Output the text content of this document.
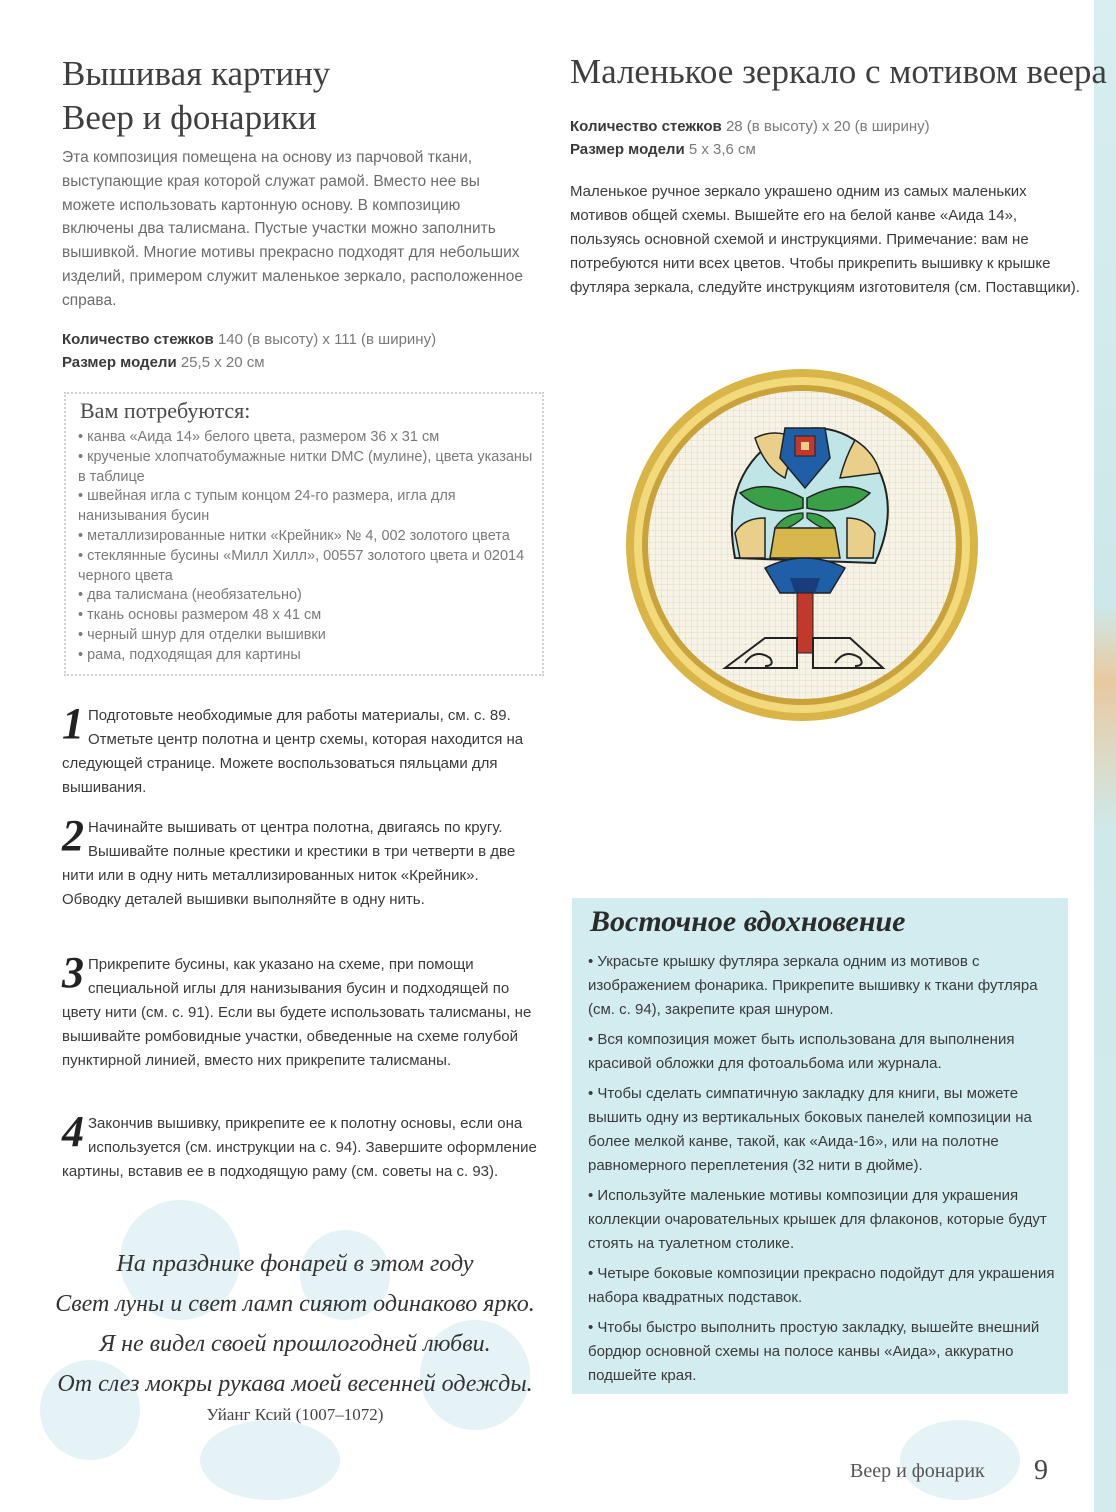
Вышивая картину
Веер и фонарики
Эта композиция помещена на основу из парчовой ткани, выступающие края которой служат рамой. Вместо нее вы можете использовать картонную основу. В композицию включены два талисмана. Пустые участки можно заполнить вышивкой. Многие мотивы прекрасно подходят для небольших изделий, примером служит маленькое зеркало, расположенное справа.
Количество стежков 140 (в высоту) x 111 (в ширину)
Размер модели 25,5 x 20 см
Вам потребуются:
• канва «Аида 14» белого цвета, размером 36 x 31 см
• крученые хлопчатобумажные нитки DMC (мулине), цвета указаны в таблице
• швейная игла с тупым концом 24-го размера, игла для нанизывания бусин
• металлизированные нитки «Крейник» № 4, 002 золотого цвета
• стеклянные бусины «Милл Хилл», 00557 золотого цвета и 02014 черного цвета
• два талисмана (необязательно)
• ткань основы размером 48 x 41 см
• черный шнур для отделки вышивки
• рама, подходящая для картины
1 Подготовьте необходимые для работы материалы, см. с. 89. Отметьте центр полотна и центр схемы, которая находится на следующей странице. Можете воспользоваться пяльцами для вышивания.
2 Начинайте вышивать от центра полотна, двигаясь по кругу. Вышивайте полные крестики и крестики в три четверти в две нити или в одну нить металлизированных ниток «Крейник». Обводку деталей вышивки выполняйте в одну нить.
3 Прикрепите бусины, как указано на схеме, при помощи специальной иглы для нанизывания бусин и подходящей по цвету нити (см. с. 91). Если вы будете использовать талисманы, не вышивайте ромбовидные участки, обведенные на схеме голубой пунктирной линией, вместо них прикрепите талисманы.
4 Закончив вышивку, прикрепите ее к полотну основы, если она используется (см. инструкции на с. 94). Завершите оформление картины, вставив ее в подходящую раму (см. советы на с. 93).
На празднике фонарей в этом году
Свет луны и свет ламп сияют одинаково ярко.
Я не видел своей прошлогодней любви.
От слез мокры рукава моей весенней одежды.
Уйанг Ксий (1007–1072)
Маленькое зеркало с мотивом веера
Количество стежков 28 (в высоту) x 20 (в ширину)
Размер модели 5 x 3,6 см
Маленькое ручное зеркало украшено одним из самых маленьких мотивов общей схемы. Вышейте его на белой канве «Аида 14», пользуясь основной схемой и инструкциями. Примечание: вам не потребуются нити всех цветов. Чтобы прикрепить вышивку к крышке футляра зеркала, следуйте инструкциям изготовителя (см. Поставщики).
Восточное вдохновение
• Украсьте крышку футляра зеркала одним из мотивов с изображением фонарика. Прикрепите вышивку к ткани футляра (см. с. 94), закрепите края шнуром.
• Вся композиция может быть использована для выполнения красивой обложки для фотоальбома или журнала.
• Чтобы сделать симпатичную закладку для книги, вы можете вышить одну из вертикальных боковых панелей композиции на более мелкой канве, такой, как «Аида-16», или на полотне равномерного переплетения (32 нити в дюйме).
• Используйте маленькие мотивы композиции для украшения коллекции очаровательных крышек для флаконов, которые будут стоять на туалетном столике.
• Четыре боковые композиции прекрасно подойдут для украшения набора квадратных подставок.
• Чтобы быстро выполнить простую закладку, вышейте внешний бордюр основной схемы на полосе канвы «Аида», аккуратно подшейте края.
Веер и фонарик 9
